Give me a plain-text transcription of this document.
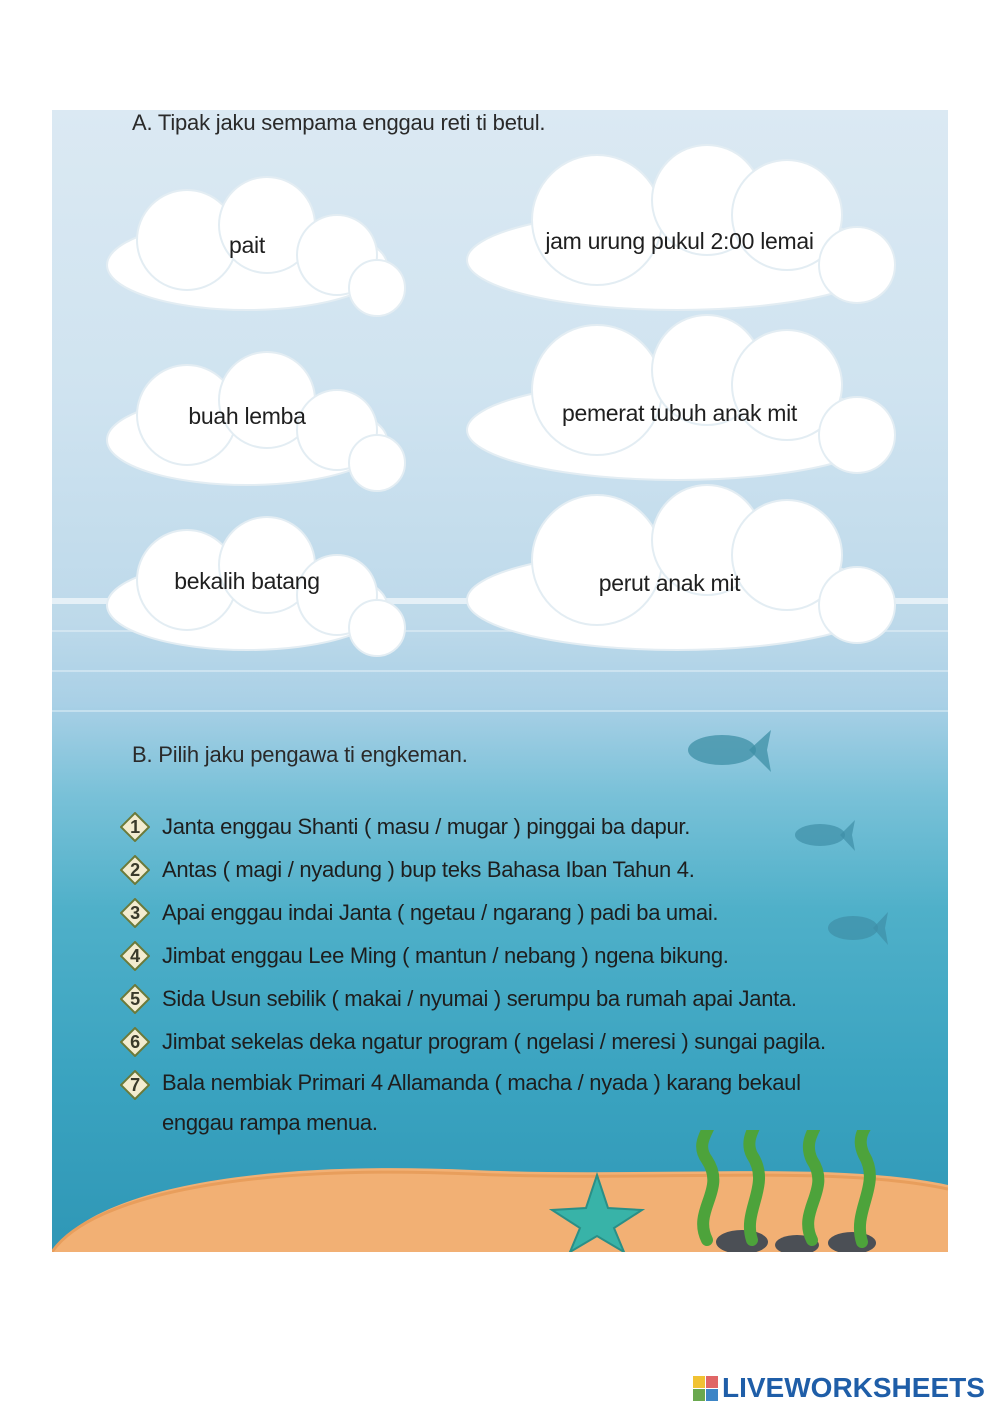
A. Tipak jaku sempama enggau reti ti betul.
pait
buah lemba
bekalih batang
jam urung pukul 2:00 lemai
pemerat tubuh anak mit
perut anak mit
B. Pilih jaku pengawa ti engkeman.
1	Janta enggau Shanti ( masu / mugar ) pinggai ba dapur.
2	Antas ( magi / nyadung ) bup teks Bahasa Iban Tahun 4.
3	Apai enggau indai Janta ( ngetau / ngarang ) padi ba umai.
4	Jimbat enggau Lee Ming ( mantun / nebang ) ngena bikung.
5	Sida Usun sebilik ( makai / nyumai ) serumpu ba rumah apai Janta.
6	Jimbat sekelas deka ngatur program ( ngelasi / meresi ) sungai pagila.
7	Bala nembiak Primari 4 Allamanda ( macha / nyada ) karang bekaul
enggau rampa menua.
LIVEWORKSHEETS
